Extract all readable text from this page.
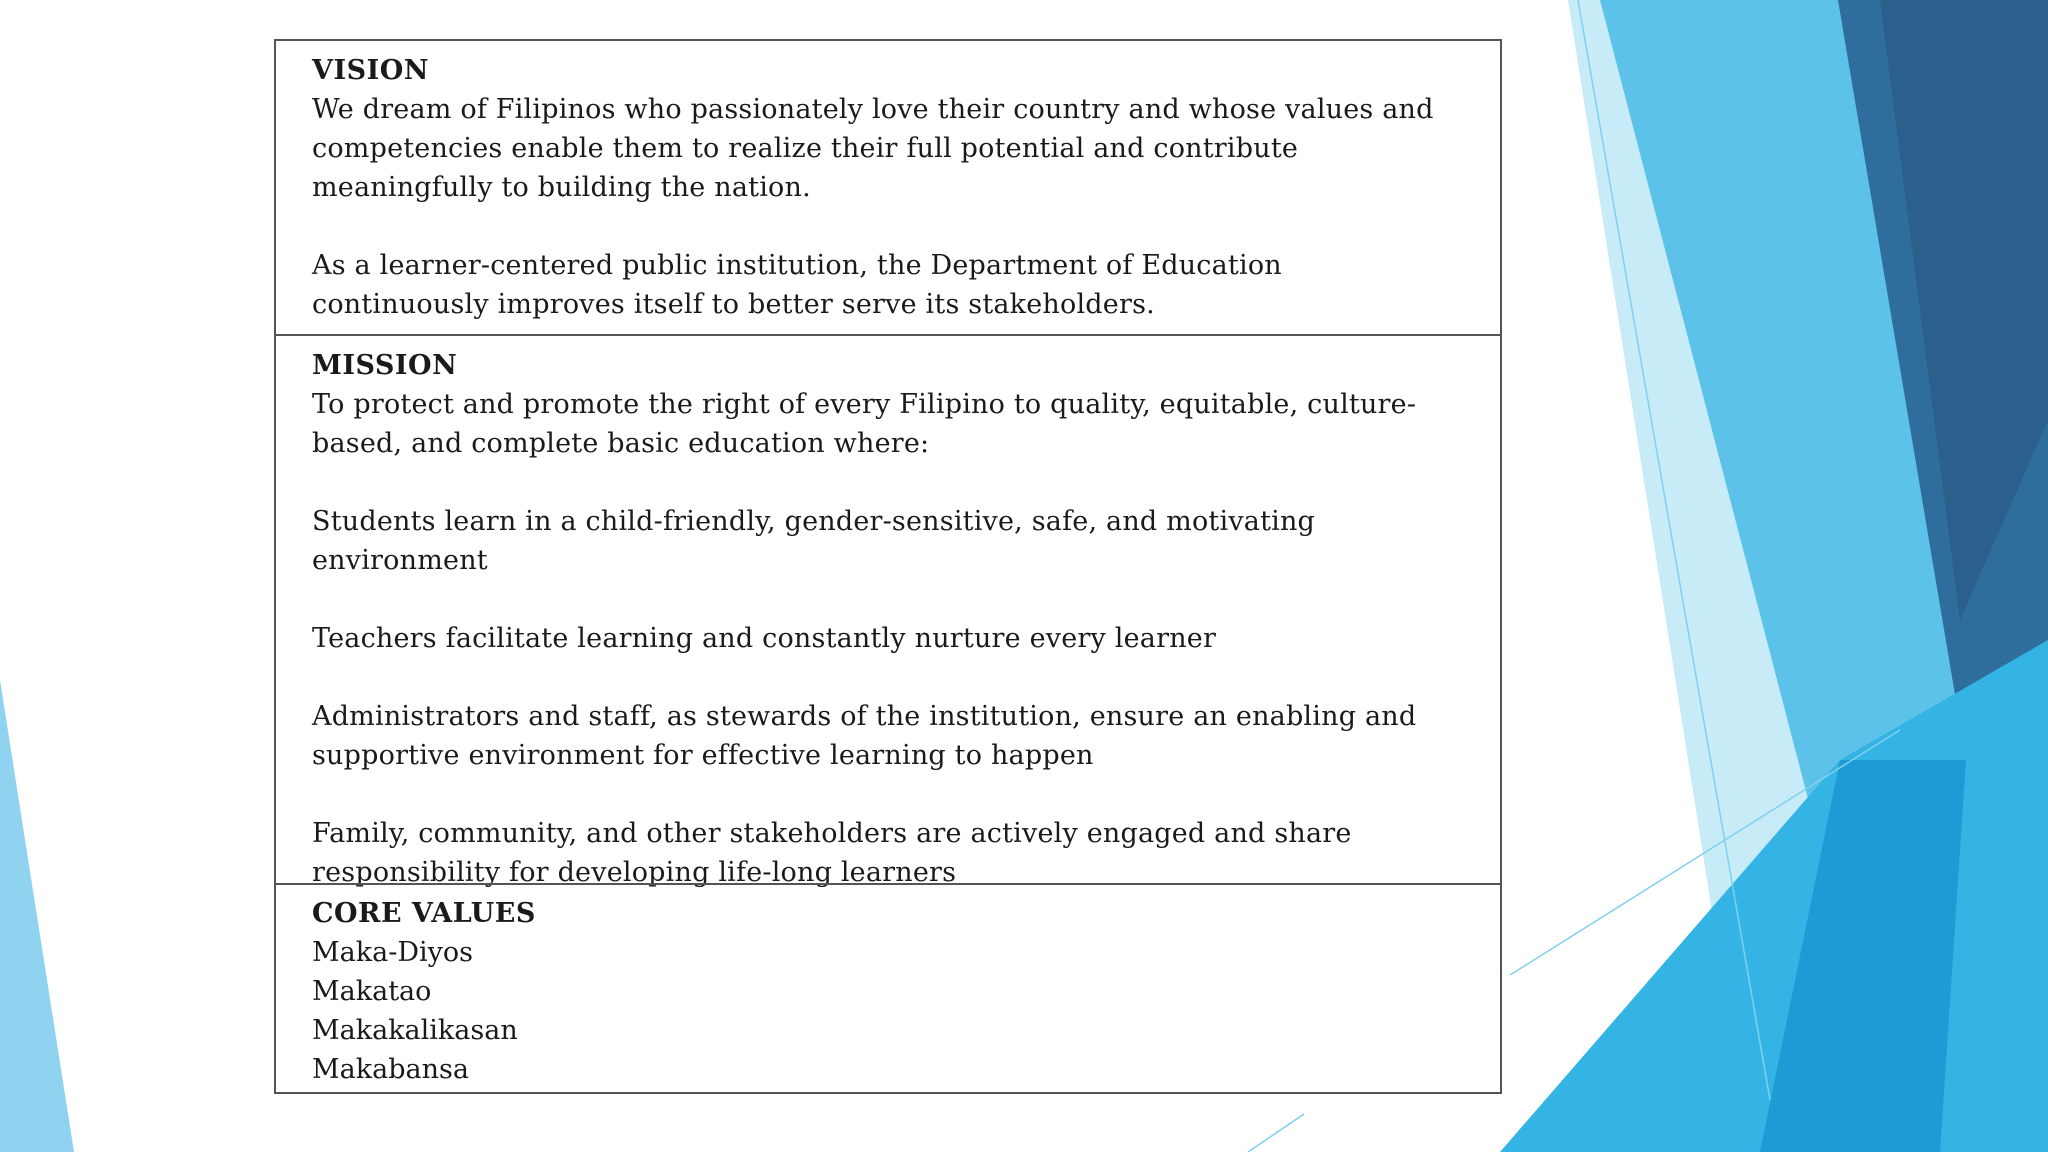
VISION

We dream of Filipinos who passionately love their country and whose values and competencies enable them to realize their full potential and contribute meaningfully to building the nation.

As a learner-centered public institution, the Department of Education continuously improves itself to better serve its stakeholders.

MISSION

To protect and promote the right of every Filipino to quality, equitable, culture-based, and complete basic education where:

Students learn in a child-friendly, gender-sensitive, safe, and motivating environment

Teachers facilitate learning and constantly nurture every learner

Administrators and staff, as stewards of the institution, ensure an enabling and supportive environment for effective learning to happen

Family, community, and other stakeholders are actively engaged and share responsibility for developing life-long learners

CORE VALUES
Maka-Diyos
Makatao
Makakalikasan
Makabansa
